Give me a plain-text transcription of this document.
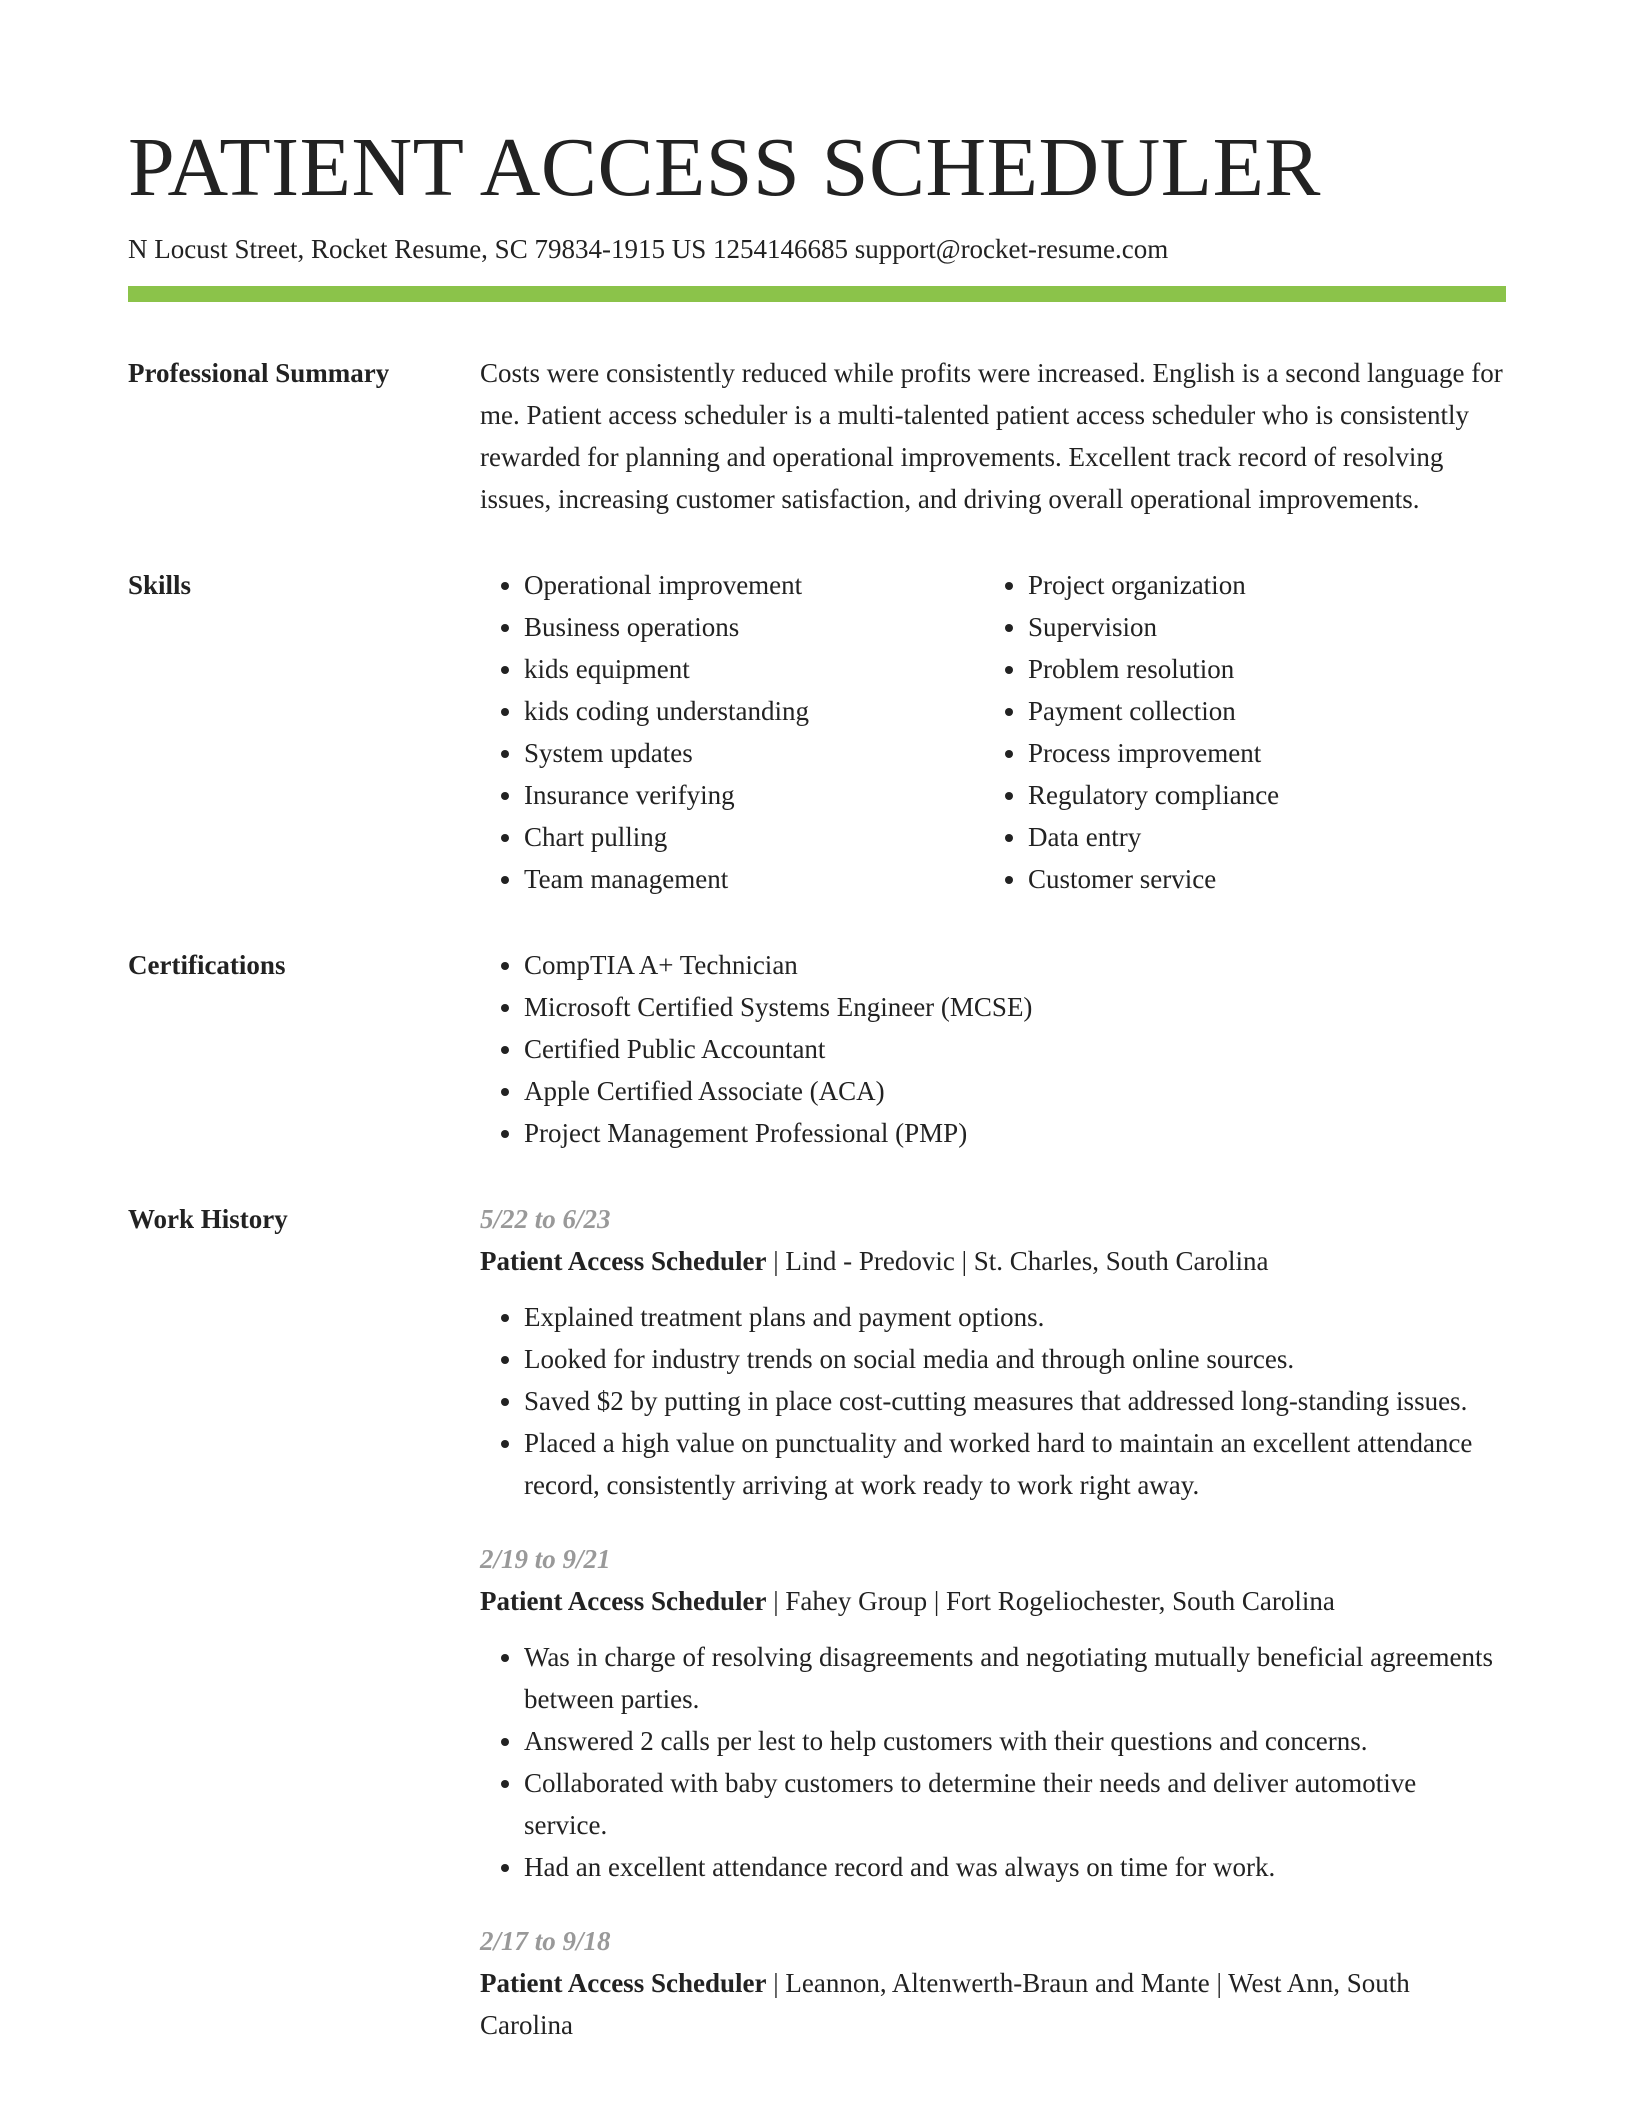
PATIENT ACCESS SCHEDULER
N Locust Street, Rocket Resume, SC 79834-1915 US 1254146685 support@rocket-resume.com
Professional Summary	Costs were consistently reduced while profits were increased. English is a second language for me. Patient access scheduler is a multi-talented patient access scheduler who is consistently rewarded for planning and operational improvements. Excellent track record of resolving issues, increasing customer satisfaction, and driving overall operational improvements.

Skills	• Operational improvement
• Business operations
• kids equipment
• kids coding understanding
• System updates
• Insurance verifying
• Chart pulling
• Team management
• Project organization
• Supervision
• Problem resolution
• Payment collection
• Process improvement
• Regulatory compliance
• Data entry
• Customer service
Certifications	• CompTIA A+ Technician
• Microsoft Certified Systems Engineer (MCSE)
• Certified Public Accountant
• Apple Certified Associate (ACA)
• Project Management Professional (PMP)
Work History	5/22 to 6/23
Patient Access Scheduler | Lind - Predovic | St. Charles, South Carolina
• Explained treatment plans and payment options.
• Looked for industry trends on social media and through online sources.
• Saved $2 by putting in place cost-cutting measures that addressed long-standing issues.
• Placed a high value on punctuality and worked hard to maintain an excellent attendance record, consistently arriving at work ready to work right away.
2/19 to 9/21
Patient Access Scheduler | Fahey Group | Fort Rogeliochester, South Carolina
• Was in charge of resolving disagreements and negotiating mutually beneficial agreements between parties.
• Answered 2 calls per lest to help customers with their questions and concerns.
• Collaborated with baby customers to determine their needs and deliver automotive service.
• Had an excellent attendance record and was always on time for work.
2/17 to 9/18
Patient Access Scheduler | Leannon, Altenwerth-Braun and Mante | West Ann, South Carolina
